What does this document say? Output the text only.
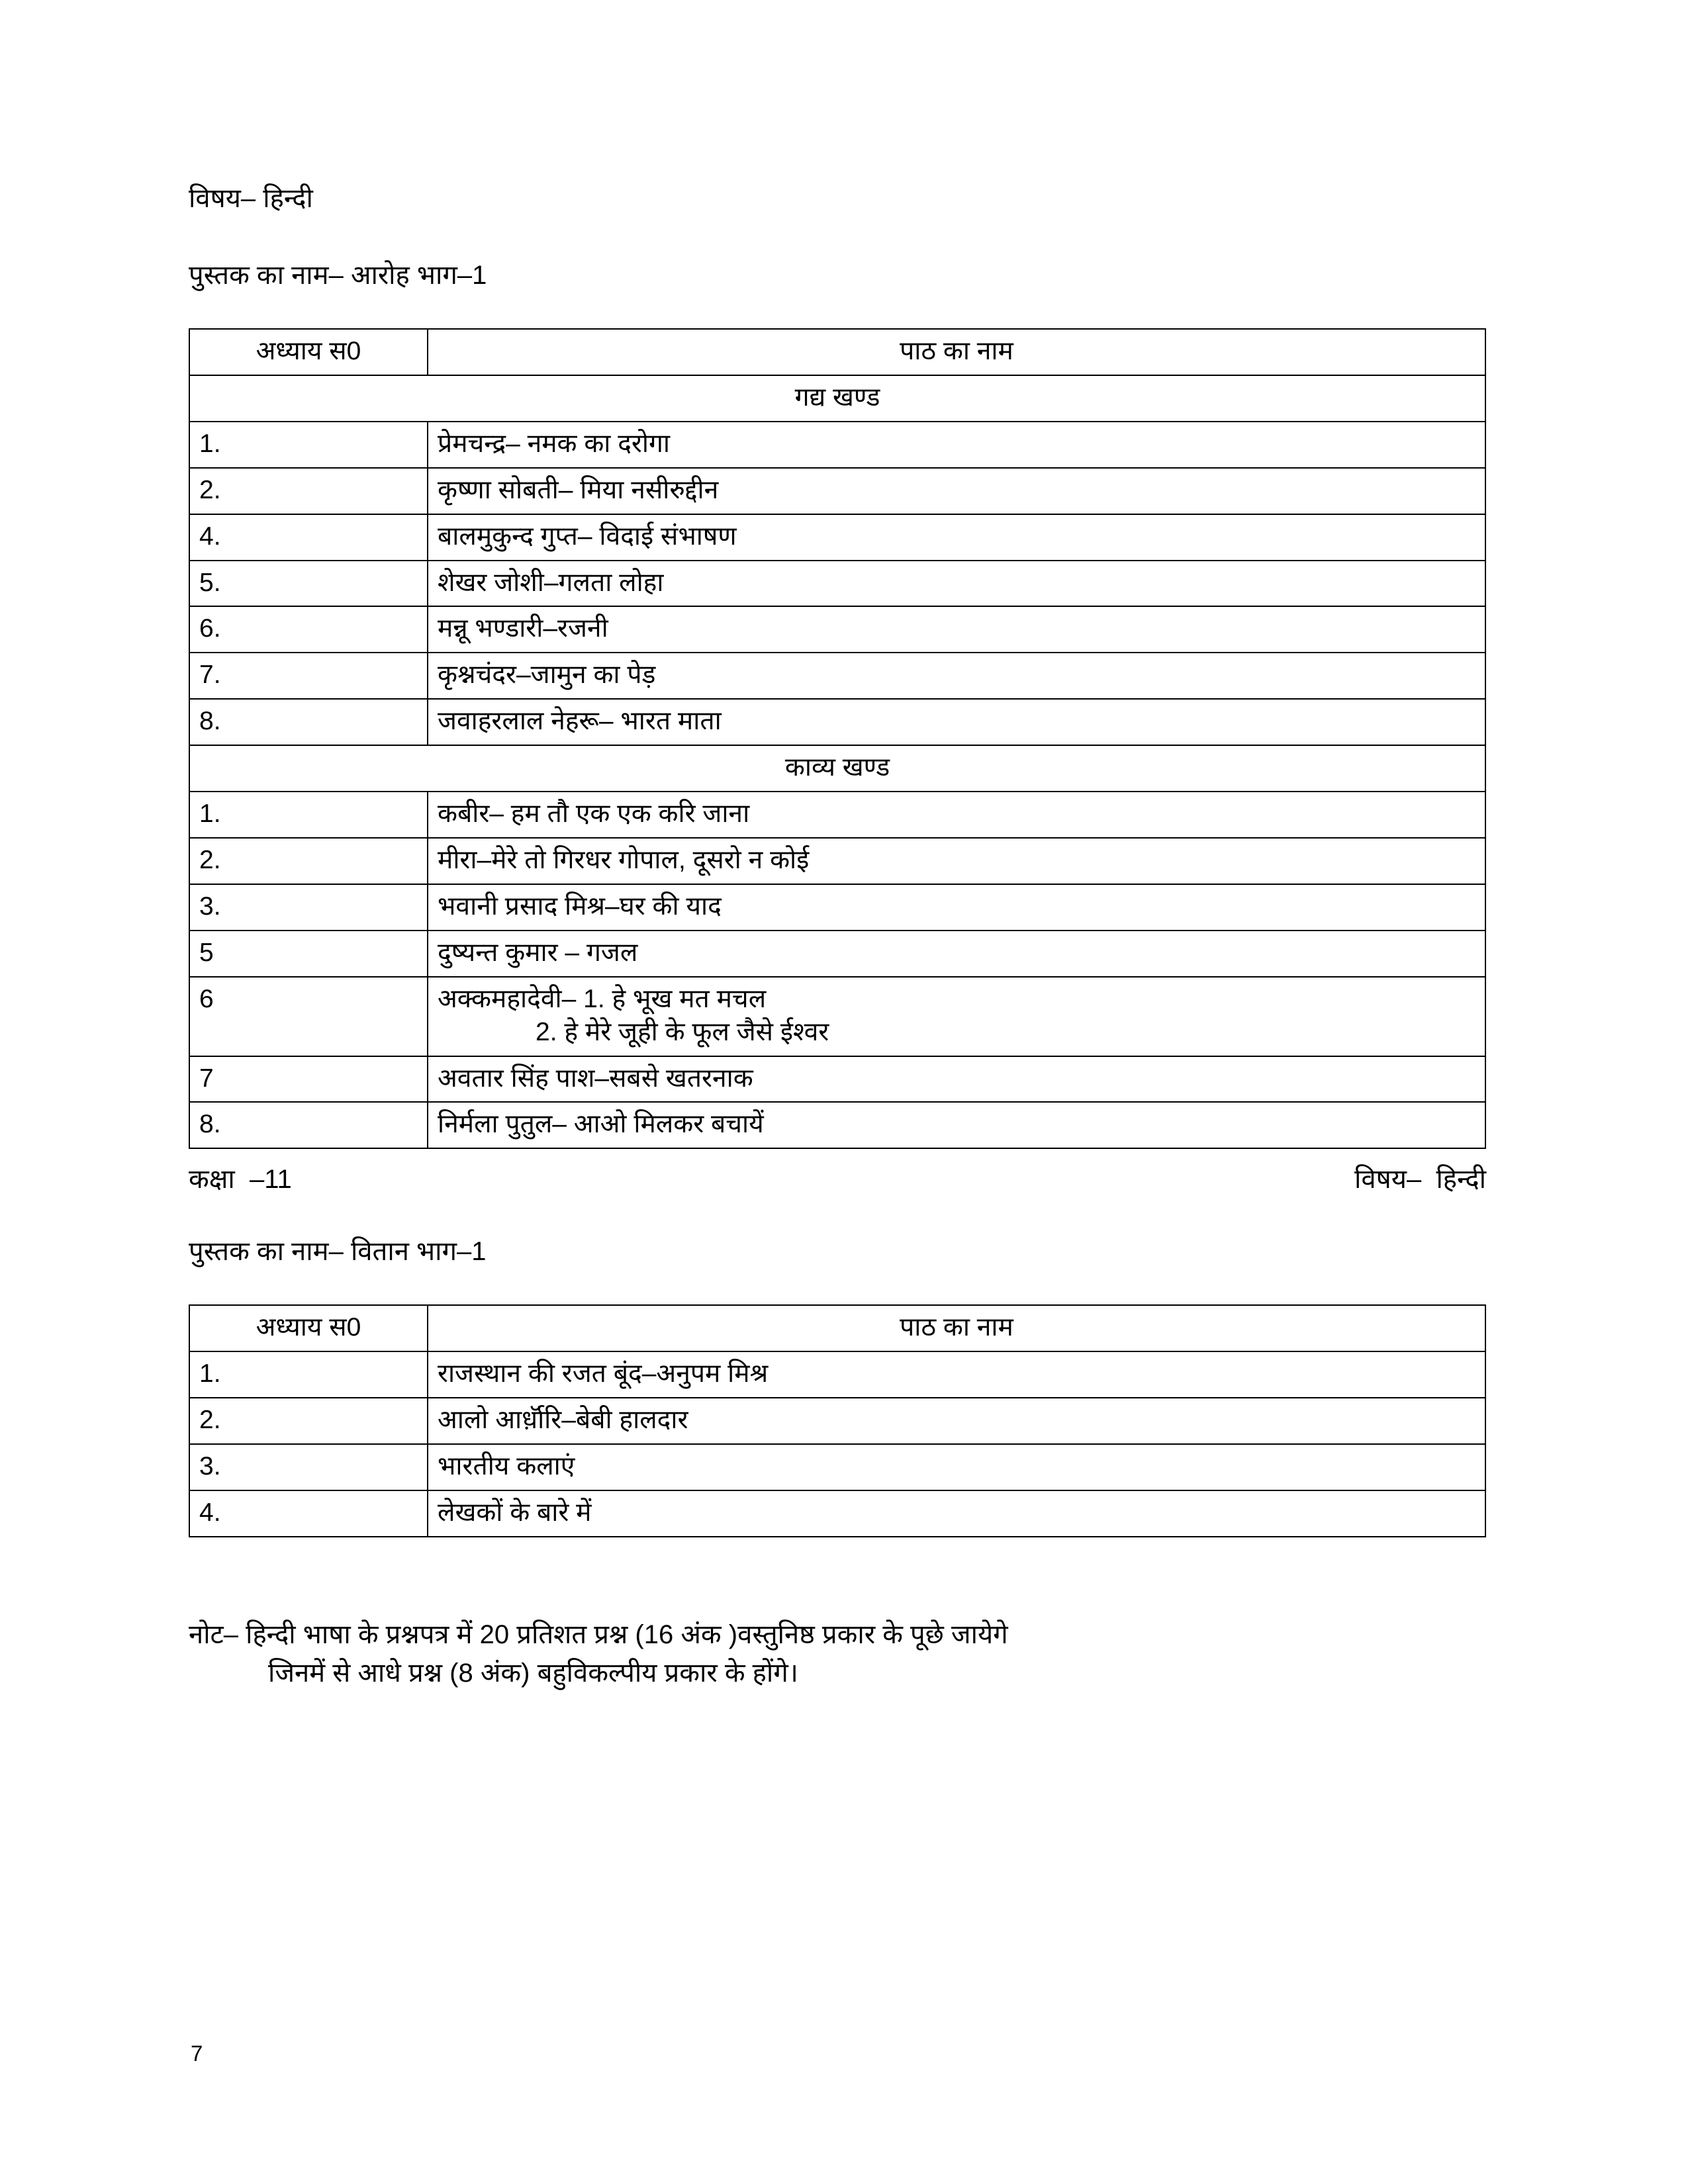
विषय– हिन्दी
पुस्तक का नाम– आरोह भाग–1
अध्याय स0	पाठ का नाम
गद्य खण्ड	
1.	प्रेमचन्द्र– नमक का दरोगा
2.	कृष्णा सोबती– मिया नसीरुद्दीन
4.	बालमुकुन्द गुप्त– विदाई संभाषण
5.	शेखर जोशी–गलता लोहा
6.	मन्नू भण्डारी–रजनी
7.	कृश्नचंदर–जामुन का पेड़
8.	जवाहरलाल नेहरू– भारत माता
काव्य खण्ड	
1.	कबीर– हम तौ एक एक करि जाना
2.	मीरा–मेरे तो गिरधर गोपाल, दूसरो न कोई
3.	भवानी प्रसाद मिश्र–घर की याद
5	दुष्यन्त कुमार – गजल
6	अक्कमहादेवी– 1. हे भूख मत मचल
2. हे मेरे जूही के फूल जैसे ईश्वर

7	अवतार सिंह पाश–सबसे खतरनाक
8.	निर्मला पुतुल– आओ मिलकर बचायें
कक्षा  –11	विषय–  हिन्दी
पुस्तक का नाम– वितान भाग–1
अध्याय स0	पाठ का नाम
1.	राजस्थान की रजत बूंद–अनुपम मिश्र
2.	आलो आर्ध़ॉरि–बेबी हालदार
3.	भारतीय कलाएं
4.	लेखकों के बारे में
नोट– हिन्दी भाषा के प्रश्नपत्र में 20 प्रतिशत प्रश्न (16 अंक )वस्तुनिष्ठ प्रकार के पूछे जायेगे
जिनमें से आधे प्रश्न (8 अंक) बहुविकल्पीय प्रकार के होंगे।
7
